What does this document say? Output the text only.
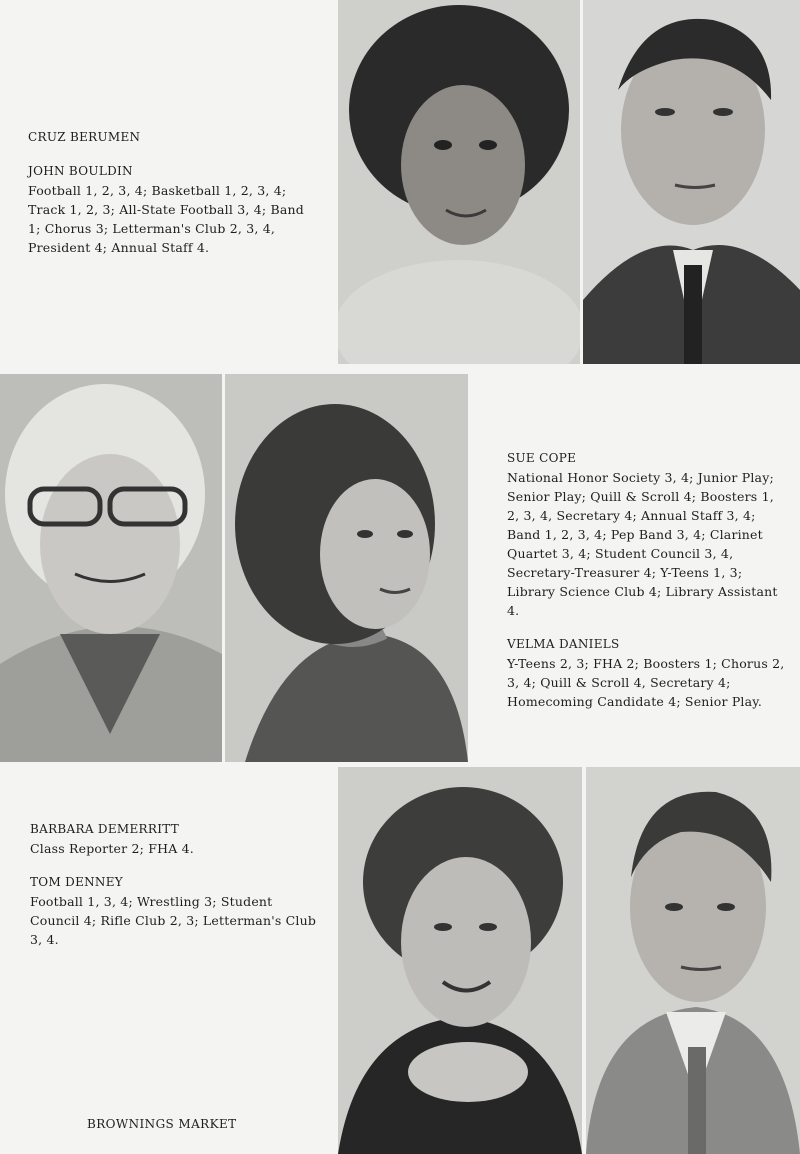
CRUZ BERUMEN
JOHN BOULDIN
Football 1, 2, 3, 4; Basketball 1, 2, 3, 4; Track 1, 2, 3; All-State Football 3, 4; Band 1; Chorus 3; Letterman's Club 2, 3, 4, President 4; Annual Staff 4.
SUE COPE
National Honor Society 3, 4; Junior Play; Senior Play; Quill & Scroll 4; Boosters 1, 2, 3, 4, Secretary 4; Annual Staff 3, 4; Band 1, 2, 3, 4; Pep Band 3, 4; Clarinet Quartet 3, 4; Student Council 3, 4, Secretary-Treasurer 4; Y-Teens 1, 3; Library Science Club 4; Library Assistant 4.
VELMA DANIELS
Y-Teens 2, 3; FHA 2; Boosters 1; Chorus 2, 3, 4; Quill & Scroll 4, Secretary 4; Homecoming Candidate 4; Senior Play.
BARBARA DEMERRITT
Class Reporter 2; FHA 4.
TOM DENNEY
Football 1, 3, 4; Wrestling 3; Student Council 4; Rifle Club 2, 3; Letterman's Club 3, 4.
BROWNINGS MARKET
